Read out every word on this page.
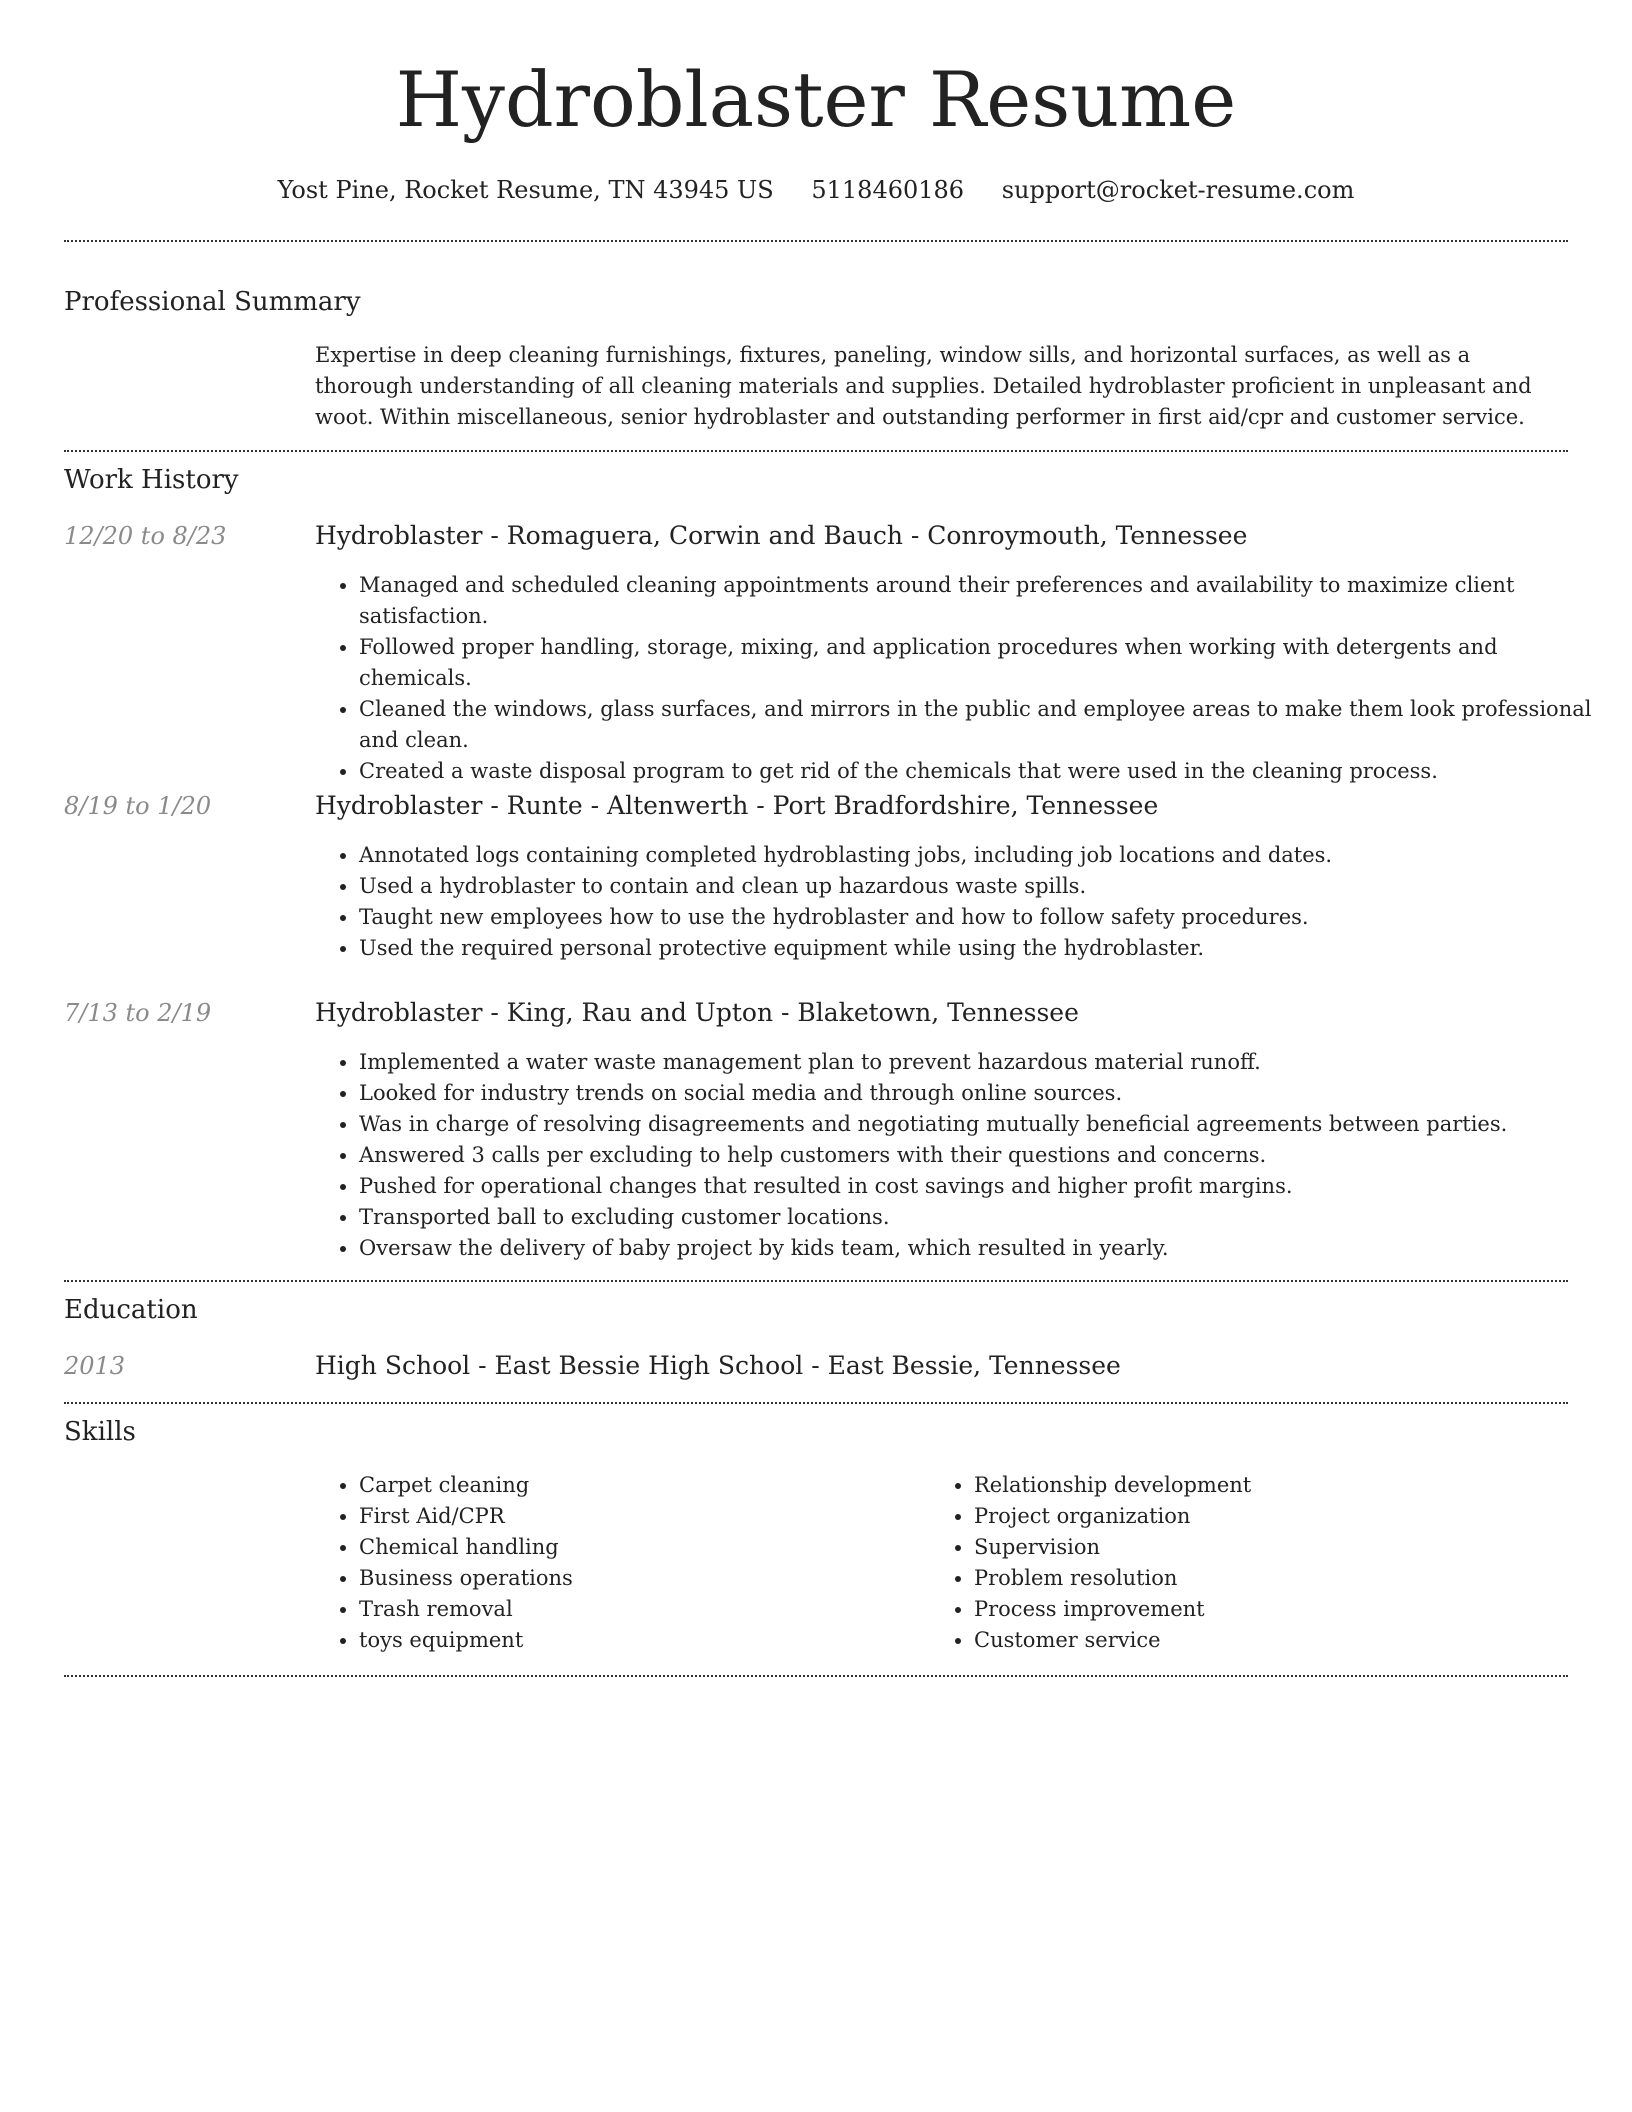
Hydroblaster Resume
Yost Pine, Rocket Resume, TN 43945 US 5118460186 support@rocket-resume.com
Professional Summary

Expertise in deep cleaning furnishings, fixtures, paneling, window sills, and horizontal surfaces, as well as a thorough understanding of all cleaning materials and supplies. Detailed hydroblaster proficient in unpleasant and woot. Within miscellaneous, senior hydroblaster and outstanding performer in first aid/cpr and customer service.

Work History
12/20 to 8/23	Hydroblaster - Romaguera, Corwin and Bauch - Conroymouth, Tennessee
• Managed and scheduled cleaning appointments around their preferences and availability to maximize client satisfaction.
• Followed proper handling, storage, mixing, and application procedures when working with detergents and chemicals.
• Cleaned the windows, glass surfaces, and mirrors in the public and employee areas to make them look professional and clean.
• Created a waste disposal program to get rid of the chemicals that were used in the cleaning process.
8/19 to 1/20	Hydroblaster - Runte - Altenwerth - Port Bradfordshire, Tennessee
• Annotated logs containing completed hydroblasting jobs, including job locations and dates.
• Used a hydroblaster to contain and clean up hazardous waste spills.
• Taught new employees how to use the hydroblaster and how to follow safety procedures.
• Used the required personal protective equipment while using the hydroblaster.
7/13 to 2/19	Hydroblaster - King, Rau and Upton - Blaketown, Tennessee
• Implemented a water waste management plan to prevent hazardous material runoff.
• Looked for industry trends on social media and through online sources.
• Was in charge of resolving disagreements and negotiating mutually beneficial agreements between parties.
• Answered 3 calls per excluding to help customers with their questions and concerns.
• Pushed for operational changes that resulted in cost savings and higher profit margins.
• Transported ball to excluding customer locations.
• Oversaw the delivery of baby project by kids team, which resulted in yearly.
Education
2013	High School - East Bessie High School - East Bessie, Tennessee
Skills
• Carpet cleaning
• First Aid/CPR
• Chemical handling
• Business operations
• Trash removal
• toys equipment
• Relationship development
• Project organization
• Supervision
• Problem resolution
• Process improvement
• Customer service
